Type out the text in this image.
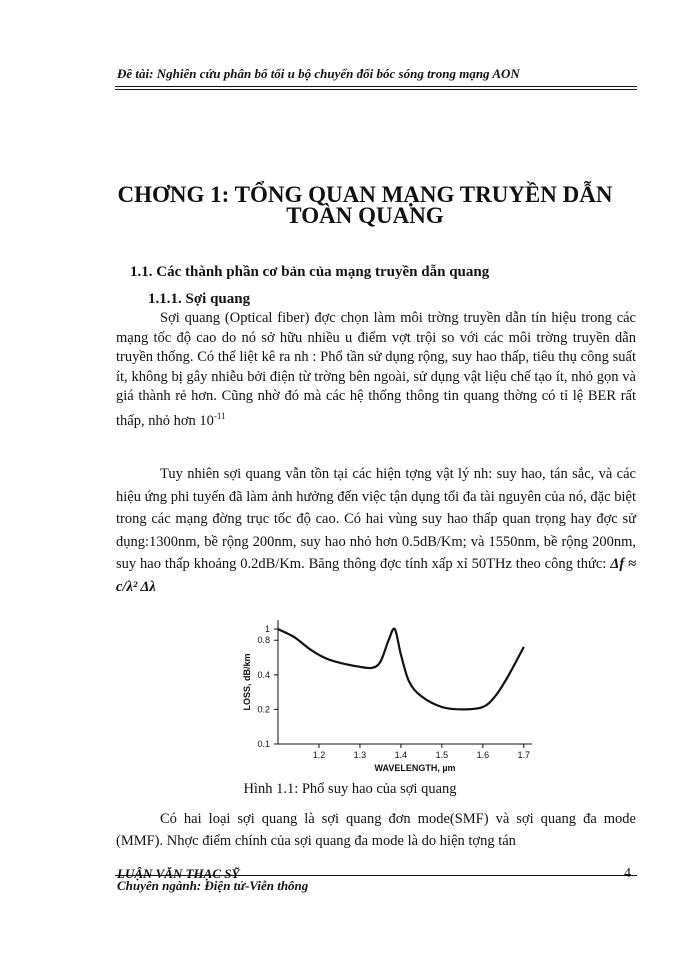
Đề tài: Nghiên cứu phân bổ tối u bộ chuyển đổi bóc sóng trong mạng AON
CHƠNG 1: TỔNG QUAN MẠNG TRUYỀN DẪN
TOÀN QUANG
1.1. Các thành phần cơ bản của mạng truyền dẫn quang
1.1.1. Sợi quang
Sợi quang (Optical fiber) đợc chọn làm môi trờng truyền dẫn tín hiệu trong các mạng tốc độ cao do nó sở hữu nhiều u điểm vợt trội so với các môi trờng truyền dẫn truyền thống. Có thể liệt kê ra nh : Phổ tần sử dụng rộng, suy hao thấp, tiêu thụ công suất ít, không bị gây nhiễu bởi điện từ trờng bên ngoài, sử dụng vật liệu chế tạo ít, nhỏ gọn và giá thành rẻ hơn. Cũng nhờ đó mà các hệ thống thông tin quang thờng có tỉ lệ BER rất thấp, nhỏ hơn $10^{-11}$
Tuy nhiên sợi quang vẫn tồn tại các hiện tợng vật lý nh: suy hao, tán sắc, và các hiệu ứng phi tuyến đã làm ảnh hưởng đến việc tận dụng tối đa tài nguyên của nó, đặc biệt trong các mạng đờng trục tốc độ cao. Có hai vùng suy hao thấp quan trọng hay đợc sử dụng:1300nm, bề rộng 200nm, suy hao nhỏ hơn 0.5dB/Km; và 1550nm, bề rộng 200nm, suy hao thấp khoảng 0.2dB/Km. Băng thông đợc tính xấp xỉ 50THz theo công thức: Δf ≈ c/λ² Δλ
1.2	1.3	1.4	1.5	1.6	1.7
0.1
0.2
0.4
0.8
1
WAVELENGTH, µm
LOSS, dB/km
Hình 1.1: Phổ suy hao của sợi quang
Có hai loại sợi quang là sợi quang đơn mode(SMF) và sợi quang đa mode (MMF). Nhợc điểm chính của sợi quang đa mode là do hiện tợng tán
LUẬN VĂN THẠC SỸ
Chuyên ngành: Điện tử-Viễn thông
4
